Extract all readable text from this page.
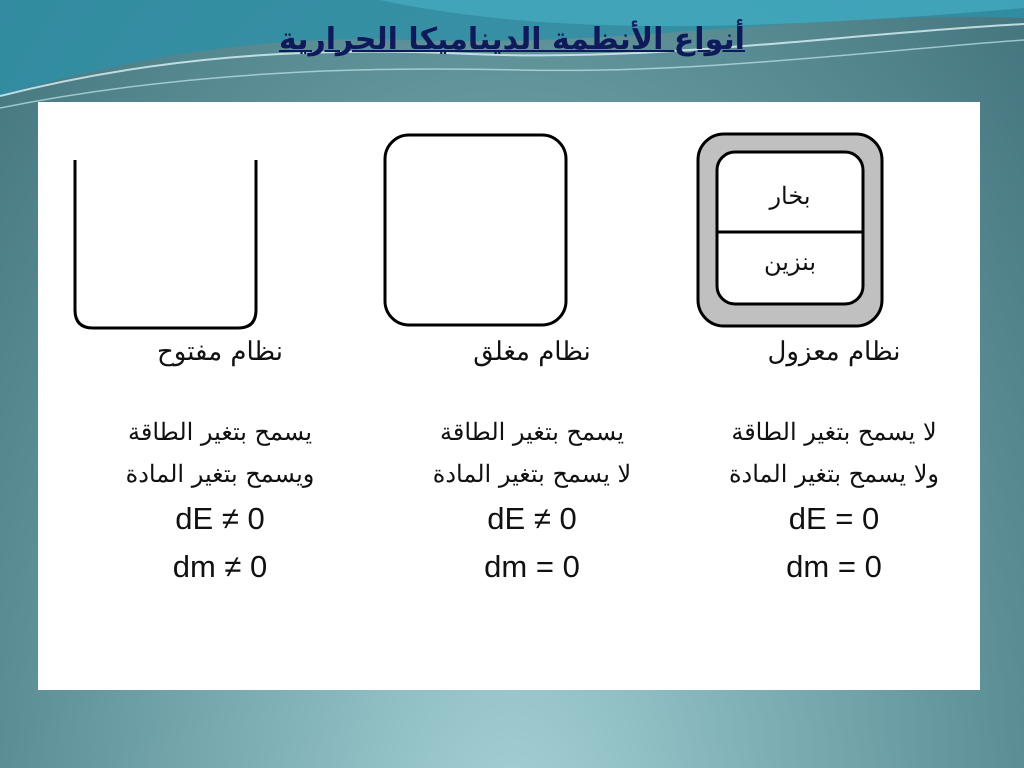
أنواع الأنظمة الديناميكا الحرارية
بخار
بنزين
نظام مفتوح
يسمح بتغير الطاقة
ويسمح بتغير المادة
dE ≠ 0
dm ≠ 0
نظام مغلق
يسمح بتغير الطاقة
لا يسمح بتغير المادة
dE ≠ 0
dm = 0
نظام معزول
لا يسمح بتغير الطاقة
ولا يسمح بتغير المادة
dE = 0
dm = 0
